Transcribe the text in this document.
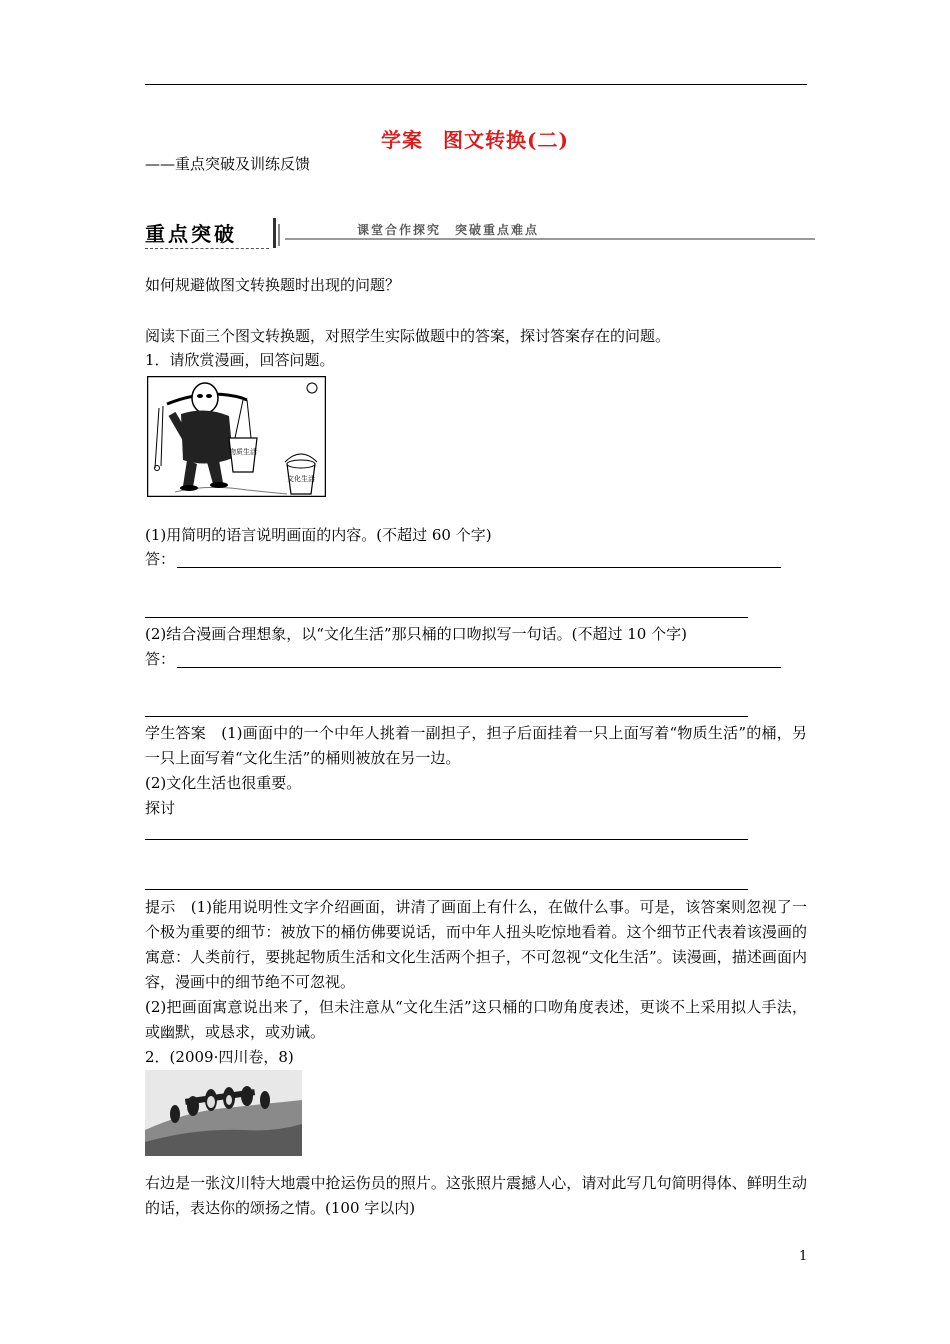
学案 图文转换(二)
——重点突破及训练反馈
重点突破	课堂合作探究　突破重点难点
如何规避做图文转换题时出现的问题？
阅读下面三个图文转换题，对照学生实际做题中的答案，探讨答案存在的问题。
1．请欣赏漫画，回答问题。
物质生活
文化生活
(1)用简明的语言说明画面的内容。(不超过 60 个字)
答：
(2)结合漫画合理想象，以“文化生活”那只桶的口吻拟写一句话。(不超过 10 个字)
答：
学生答案　(1)画面中的一个中年人挑着一副担子，担子后面挂着一只上面写着“物质生活”的桶，另一只上面写着“文化生活”的桶则被放在另一边。
(2)文化生活也很重要。
探讨
提示　(1)能用说明性文字介绍画面，讲清了画面上有什么，在做什么事。可是，该答案则忽视了一个极为重要的细节：被放下的桶仿佛要说话，而中年人扭头吃惊地看着。这个细节正代表着该漫画的寓意：人类前行，要挑起物质生活和文化生活两个担子，不可忽视“文化生活”。读漫画，描述画面内容，漫画中的细节绝不可忽视。
(2)把画面寓意说出来了，但未注意从“文化生活”这只桶的口吻角度表述，更谈不上采用拟人手法，或幽默，或恳求，或劝诫。
2．(2009·四川卷，8)
右边是一张汶川特大地震中抢运伤员的照片。这张照片震撼人心，请对此写几句简明得体、鲜明生动的话，表达你的颂扬之情。(100 字以内)
1
